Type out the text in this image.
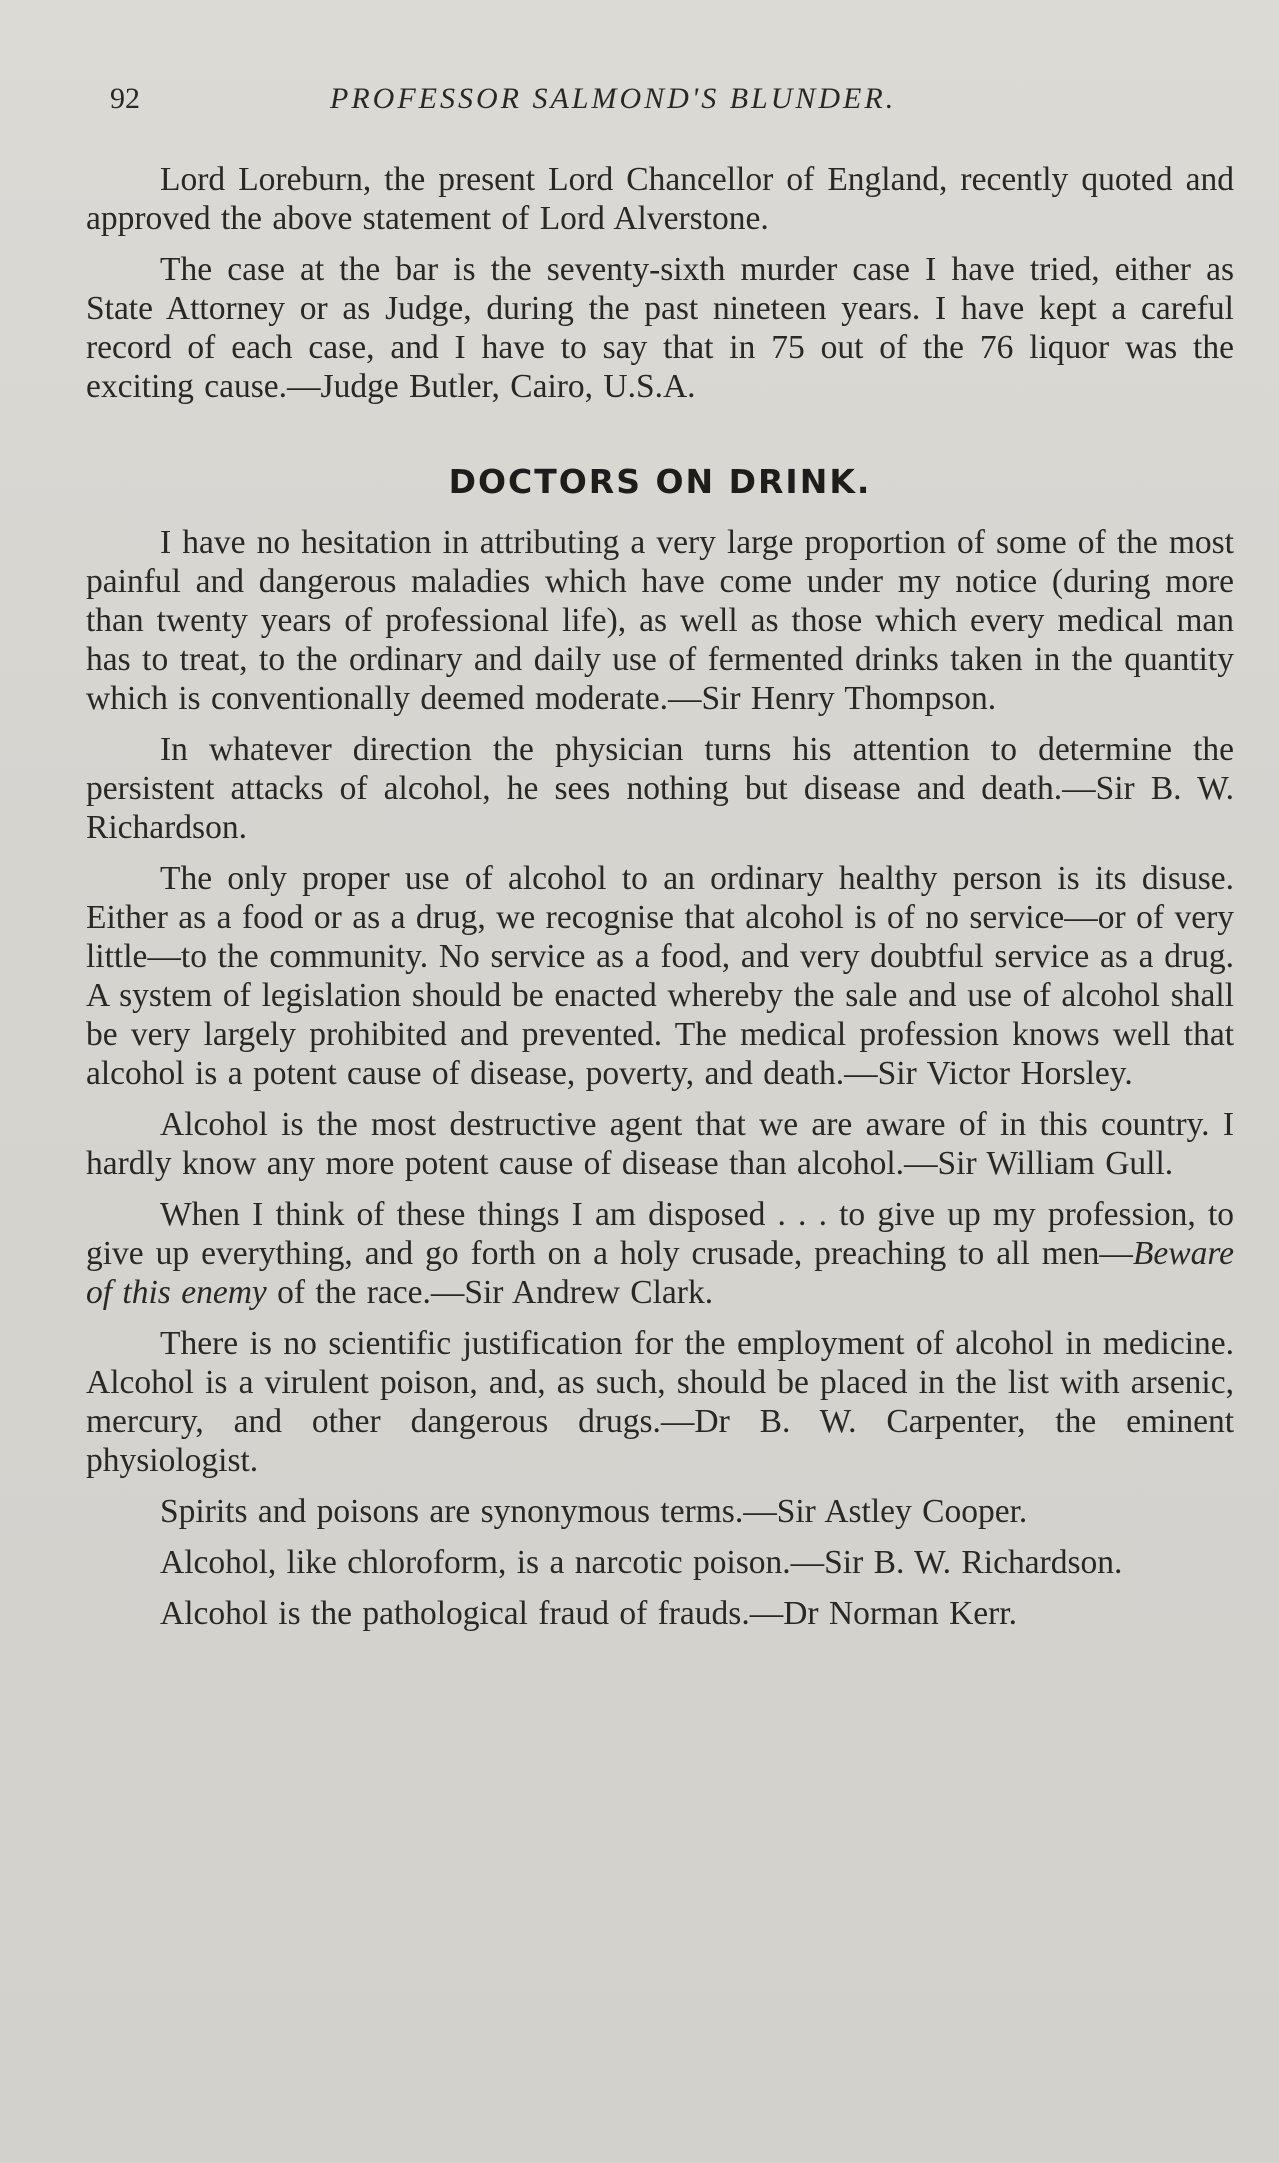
92	PROFESSOR SALMOND'S BLUNDER.

Lord Loreburn, the present Lord Chancellor of England, recently quoted and approved the above statement of Lord Alverstone.

The case at the bar is the seventy-sixth murder case I have tried, either as State Attorney or as Judge, during the past nineteen years. I have kept a careful record of each case, and I have to say that in 75 out of the 76 liquor was the exciting cause.—Judge Butler, Cairo, U.S.A.

DOCTORS ON DRINK.

I have no hesitation in attributing a very large proportion of some of the most painful and dangerous maladies which have come under my notice (during more than twenty years of professional life), as well as those which every medical man has to treat, to the ordinary and daily use of fermented drinks taken in the quantity which is conventionally deemed moderate.—Sir Henry Thompson.

In whatever direction the physician turns his attention to determine the persistent attacks of alcohol, he sees nothing but disease and death.—Sir B. W. Richardson.

The only proper use of alcohol to an ordinary healthy person is its disuse. Either as a food or as a drug, we recognise that alcohol is of no service—or of very little—to the community. No service as a food, and very doubtful service as a drug. A system of legislation should be enacted whereby the sale and use of alcohol shall be very largely prohibited and prevented. The medical profession knows well that alcohol is a potent cause of disease, poverty, and death.—Sir Victor Horsley.

Alcohol is the most destructive agent that we are aware of in this country. I hardly know any more potent cause of disease than alcohol.—Sir William Gull.

When I think of these things I am disposed . . . to give up my profession, to give up everything, and go forth on a holy crusade, preaching to all men—Beware of this enemy of the race.—Sir Andrew Clark.

There is no scientific justification for the employment of alcohol in medicine. Alcohol is a virulent poison, and, as such, should be placed in the list with arsenic, mercury, and other dangerous drugs.—Dr B. W. Carpenter, the eminent physiologist.

Spirits and poisons are synonymous terms.—Sir Astley Cooper.

Alcohol, like chloroform, is a narcotic poison.—Sir B. W. Richardson.

Alcohol is the pathological fraud of frauds.—Dr Norman Kerr.
